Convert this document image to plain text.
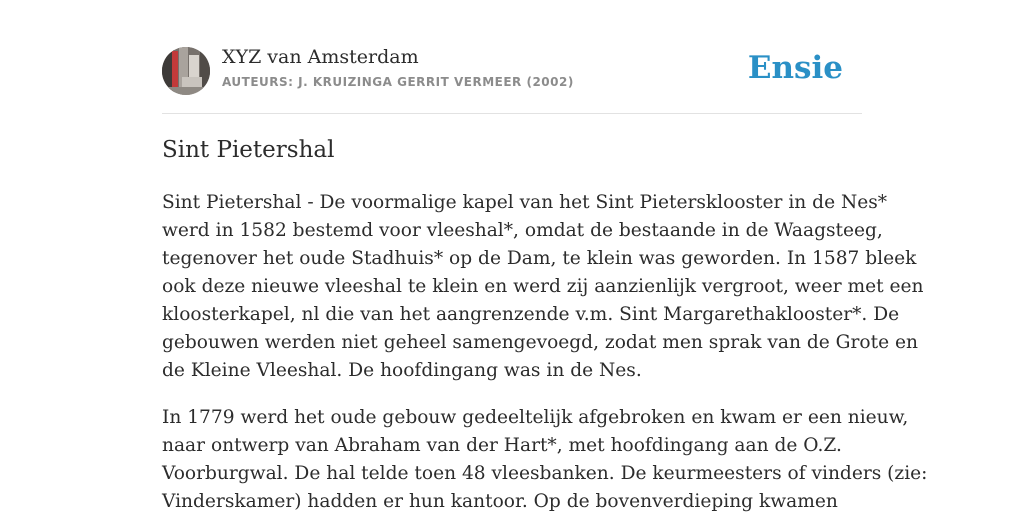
XYZ van Amsterdam
AUTEURS: J. KRUIZINGA GERRIT VERMEER (2002)	Ensie
Sint Pietershal

Sint Pietershal - De voormalige kapel van het Sint Pietersklooster in de Nes*
werd in 1582 bestemd voor vleeshal*, omdat de bestaande in de Waagsteeg,
tegenover het oude Stadhuis* op de Dam, te klein was geworden. In 1587 bleek
ook deze nieuwe vleeshal te klein en werd zij aanzienlijk vergroot, weer met een
kloosterkapel, nl die van het aangrenzende v.m. Sint Margarethaklooster*. De
gebouwen werden niet geheel samengevoegd, zodat men sprak van de Grote en
de Kleine Vleeshal. De hoofdingang was in de Nes.

In 1779 werd het oude gebouw gedeeltelijk afgebroken en kwam er een nieuw,
naar ontwerp van Abraham van der Hart*, met hoofdingang aan de O.Z.
Voorburgwal. De hal telde toen 48 vleesbanken. De keurmeesters of vinders (zie:
Vinderskamer) hadden er hun kantoor. Op de bovenverdieping kwamen
